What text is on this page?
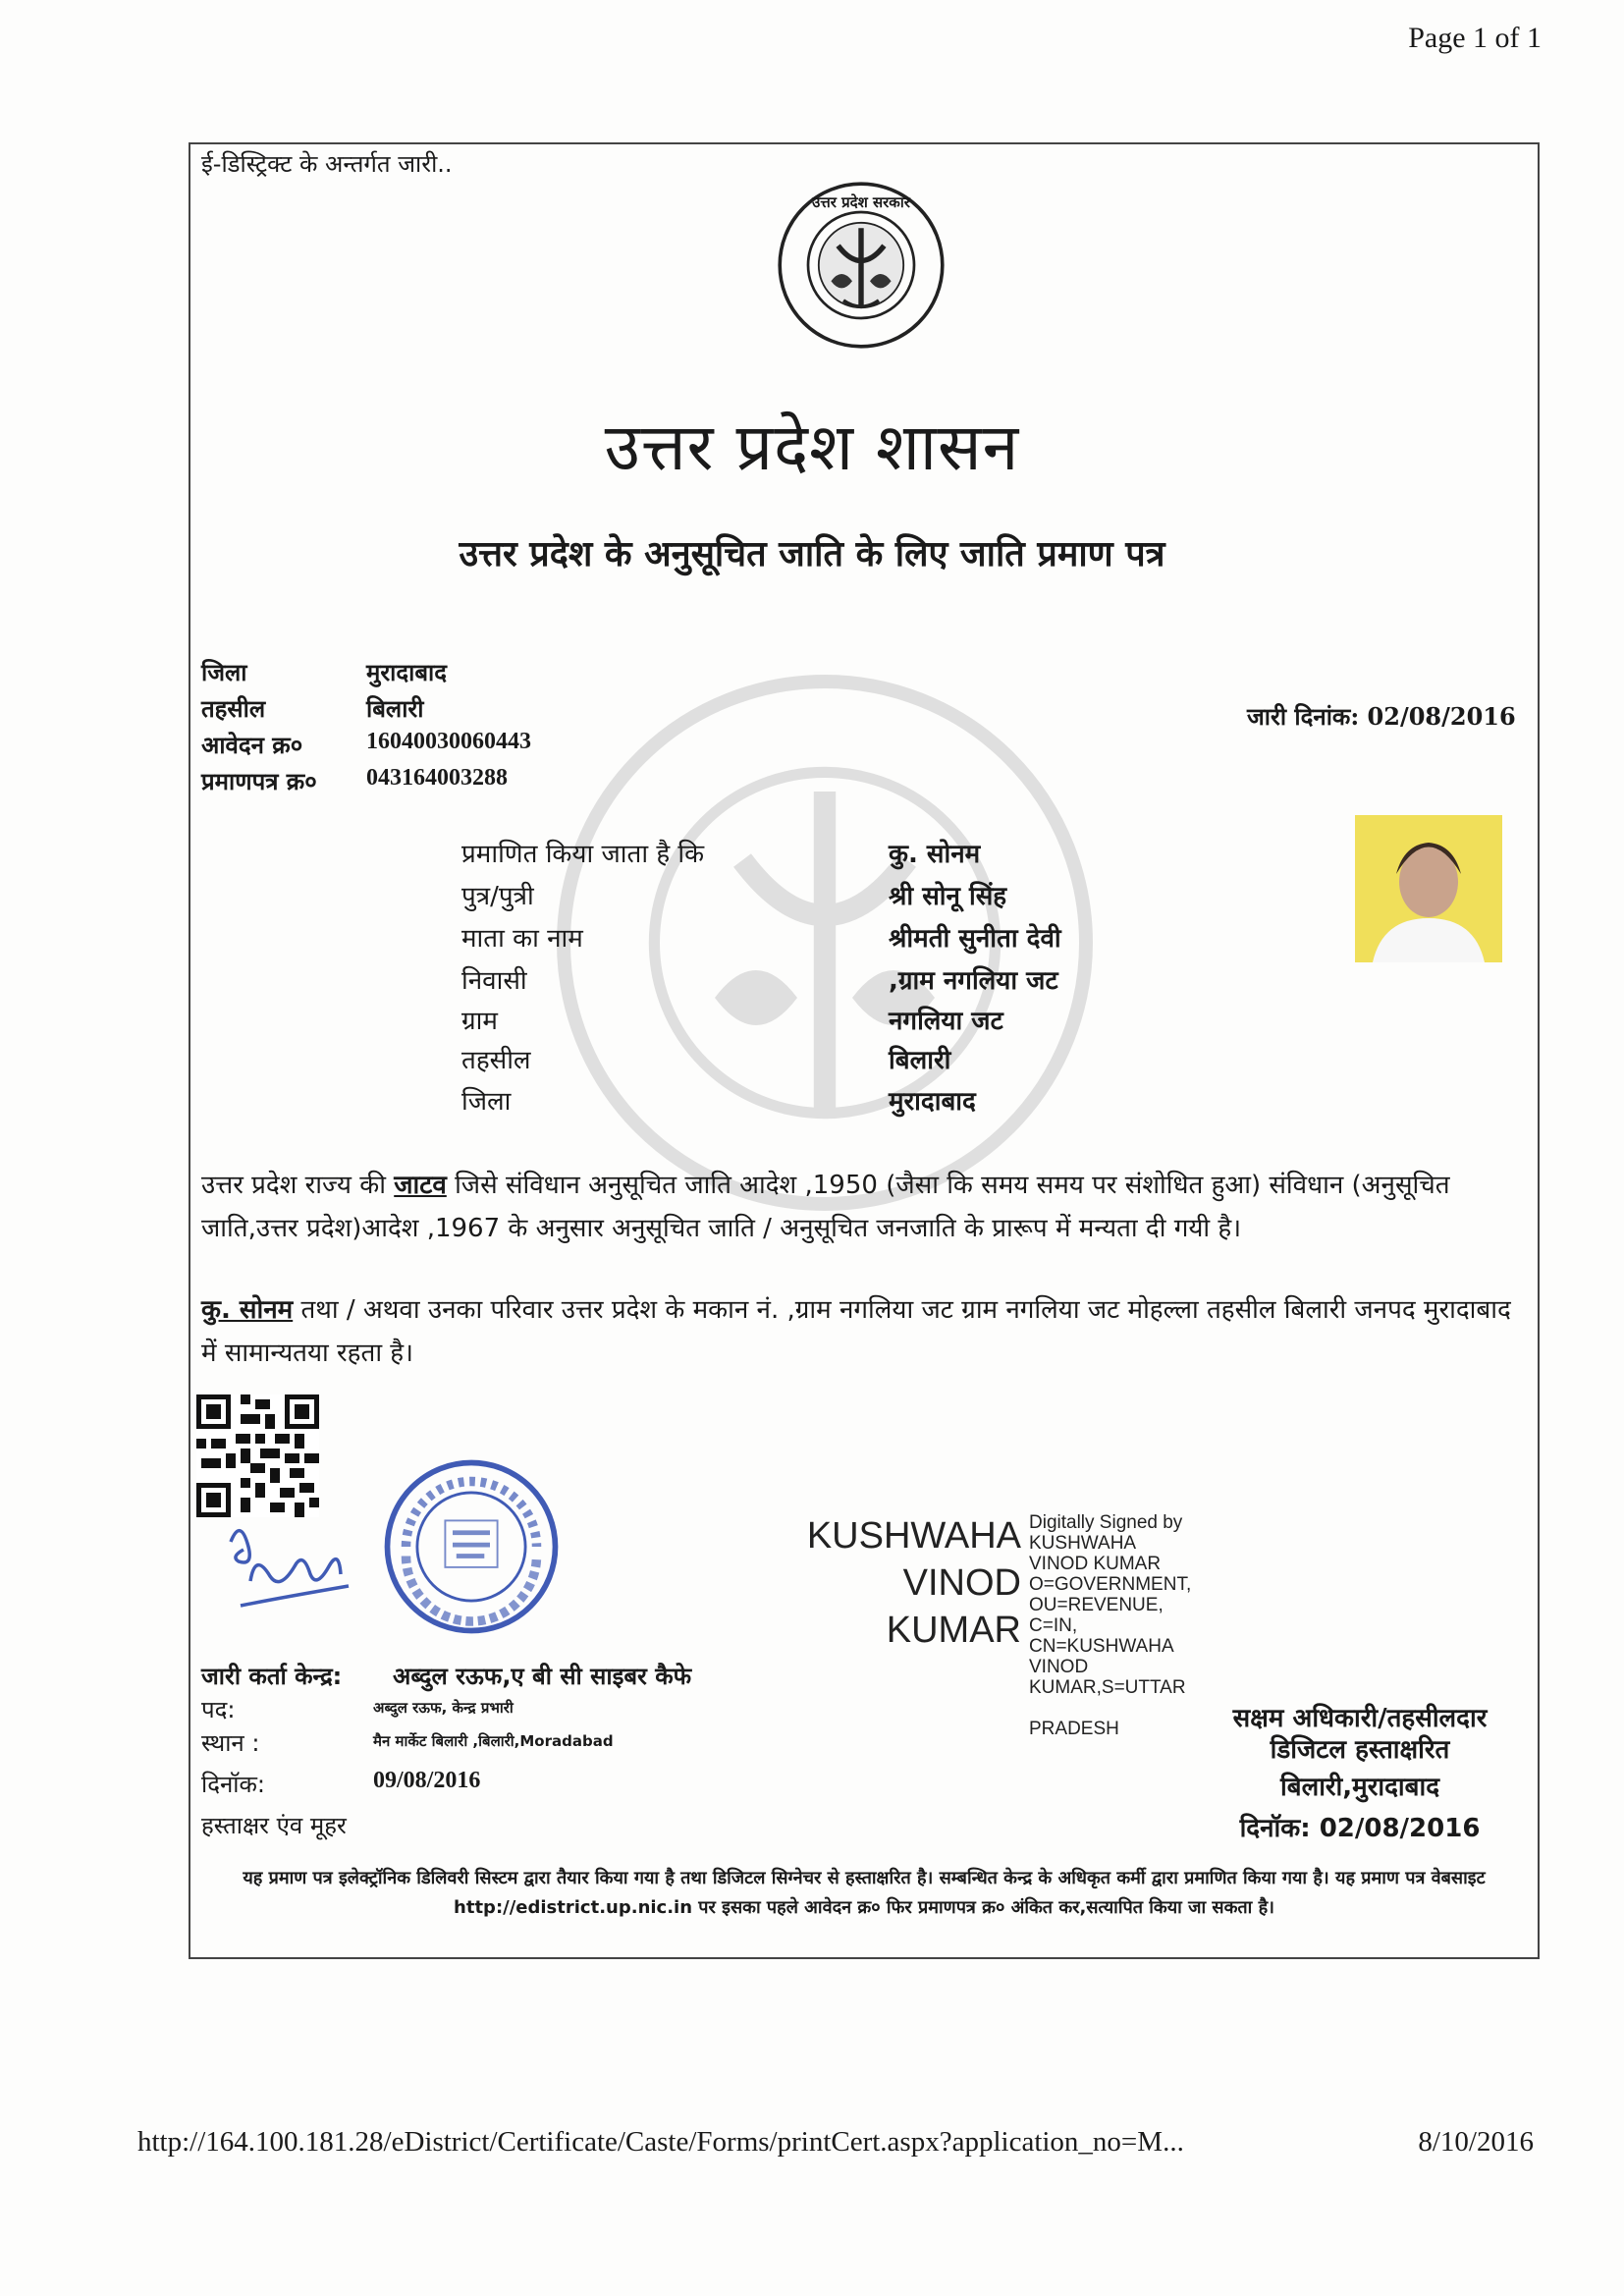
Page 1 of 1
ई-डिस्ट्रिक्ट के अन्तर्गत जारी..
उत्तर प्रदेश सरकार
उत्तर प्रदेश शासन
उत्तर प्रदेश के अनुसूचित जाति के लिए जाति प्रमाण पत्र
जिला	मुरादाबाद
तहसील	बिलारी
आवेदन क्र०	16040030060443
प्रमाणपत्र क्र० 043164003288
जारी दिनांक: 02/08/2016
प्रमाणित किया जाता है कि	कु. सोनम
पुत्र/पुत्री	श्री सोनू सिंह
माता का नाम	श्रीमती सुनीता देवी
निवासी	,ग्राम नगलिया जट
ग्राम	नगलिया जट
तहसील	बिलारी
जिला	मुरादाबाद
उत्तर प्रदेश राज्य की जाटव जिसे संविधान अनुसूचित जाति आदेश ,1950 (जैसा कि समय समय पर संशोधित हुआ) संविधान (अनुसूचित जाति,उत्तर प्रदेश)आदेश ,1967 के अनुसार अनुसूचित जाति / अनुसूचित जनजाति के प्रारूप में मन्यता दी गयी है।
कु. सोनम तथा / अथवा उनका परिवार उत्तर प्रदेश के मकान नं. ,ग्राम नगलिया जट ग्राम नगलिया जट मोहल्ला तहसील बिलारी जनपद मुरादाबाद में सामान्यतया रहता है।
KUSHWAHA
VINOD
KUMAR
Digitally Signed by
KUSHWAHA
VINOD KUMAR
O=GOVERNMENT,
OU=REVENUE,
C=IN,
CN=KUSHWAHA
VINOD
KUMAR,S=UTTAR
PRADESH
जारी कर्ता केन्द्र: अब्दुल रऊफ,ए बी सी साइबर कैफे
पद:	अब्दुल रऊफ, केन्द्र प्रभारी
स्थान :	मैन मार्केट बिलारी ,बिलारी,Moradabad
दिनॉक:	09/08/2016
हस्ताक्षर एंव मूहर
सक्षम अधिकारी/तहसीलदार
डिजिटल हस्ताक्षरित
बिलारी,मुरादाबाद
दिनॉक: 02/08/2016
यह प्रमाण पत्र इलेक्ट्रॉनिक डिलिवरी सिस्टम द्वारा तैयार किया गया है तथा डिजिटल सिग्नेचर से हस्ताक्षरित है। सम्बन्धित केन्द्र के अधिकृत कर्मी द्वारा प्रमाणित किया गया है। यह प्रमाण पत्र वेबसाइट http://edistrict.up.nic.in पर इसका पहले आवेदन क्र० फिर प्रमाणपत्र क्र० अंकित कर,सत्यापित किया जा सकता है।
http://164.100.181.28/eDistrict/Certificate/Caste/Forms/printCert.aspx?application_no=M...	8/10/2016
